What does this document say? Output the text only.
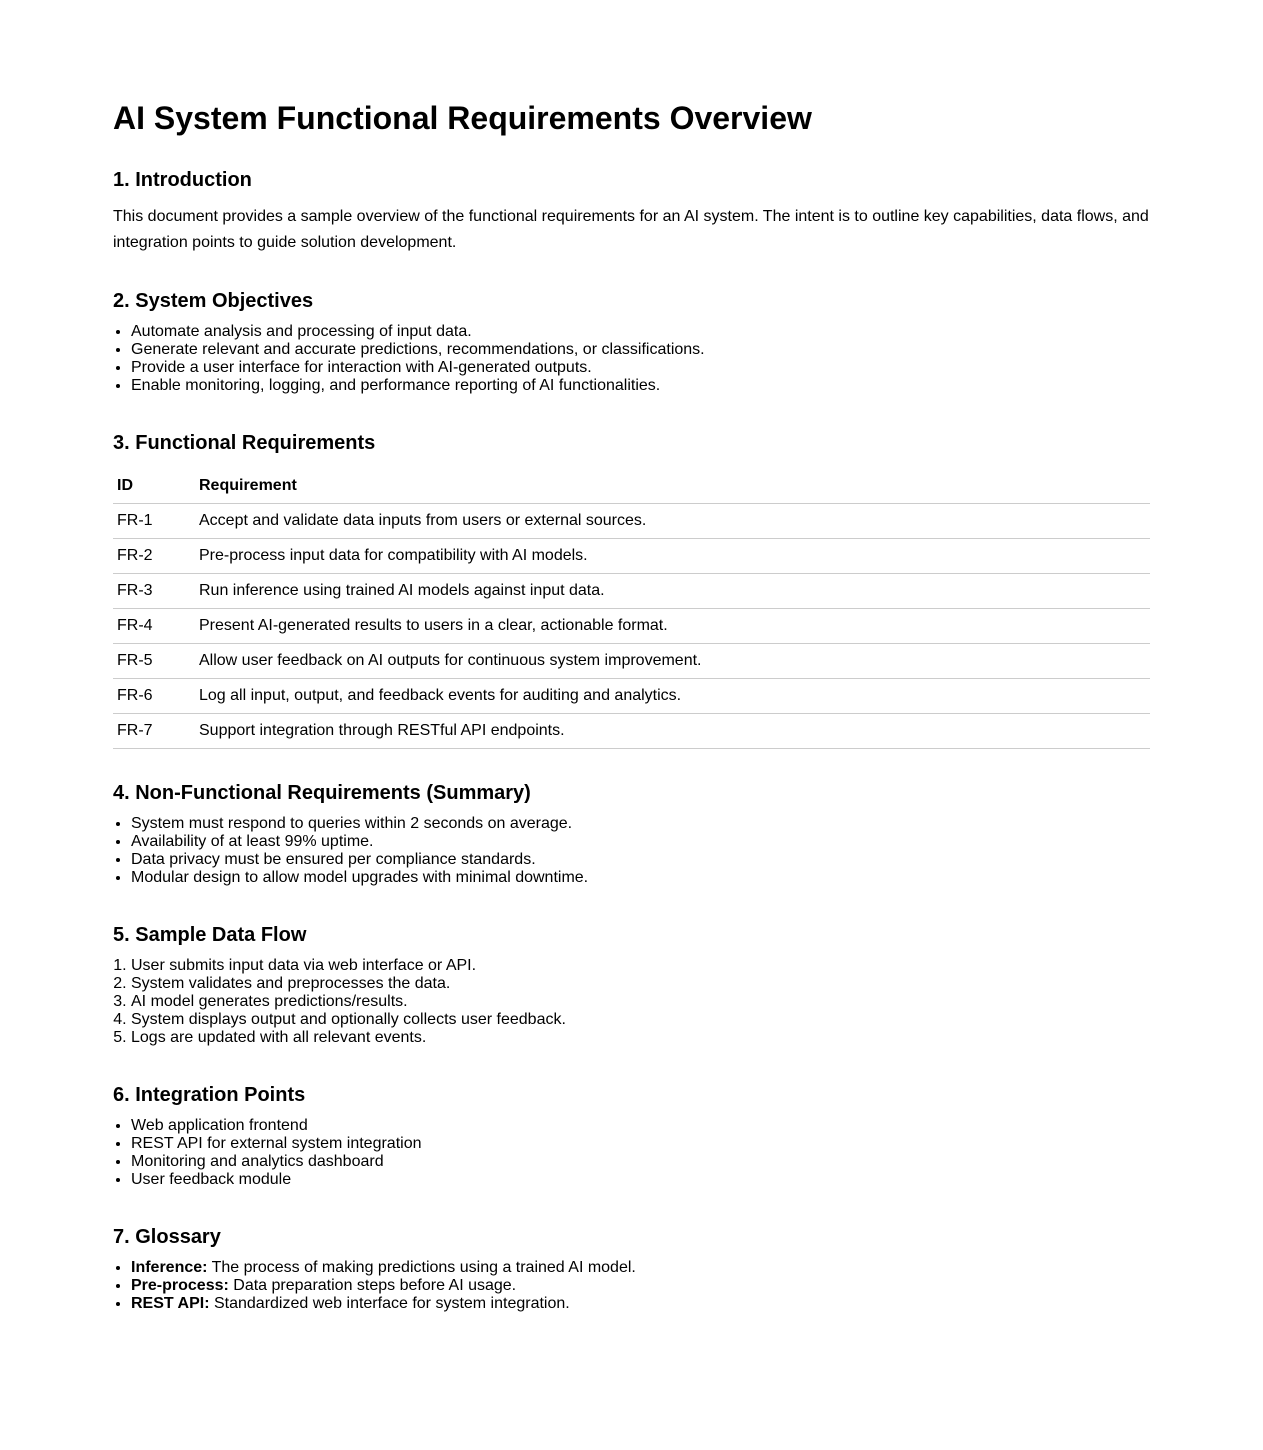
AI System Functional Requirements Overview
1. Introduction

This document provides a sample overview of the functional requirements for an AI system. The intent is to outline key capabilities, data flows, and integration points to guide solution development.

2. System Objectives
• Automate analysis and processing of input data.
• Generate relevant and accurate predictions, recommendations, or classifications.
• Provide a user interface for interaction with AI-generated outputs.
• Enable monitoring, logging, and performance reporting of AI functionalities.
3. Functional Requirements
ID	Requirement
FR-1	Accept and validate data inputs from users or external sources.
FR-2	Pre-process input data for compatibility with AI models.
FR-3	Run inference using trained AI models against input data.
FR-4	Present AI-generated results to users in a clear, actionable format.
FR-5	Allow user feedback on AI outputs for continuous system improvement.
FR-6	Log all input, output, and feedback events for auditing and analytics.
FR-7	Support integration through RESTful API endpoints.
4. Non-Functional Requirements (Summary)
• System must respond to queries within 2 seconds on average.
• Availability of at least 99% uptime.
• Data privacy must be ensured per compliance standards.
• Modular design to allow model upgrades with minimal downtime.
5. Sample Data Flow
1. User submits input data via web interface or API.
2. System validates and preprocesses the data.
3. AI model generates predictions/results.
4. System displays output and optionally collects user feedback.
5. Logs are updated with all relevant events.
6. Integration Points
• Web application frontend
• REST API for external system integration
• Monitoring and analytics dashboard
• User feedback module
7. Glossary
• Inference: The process of making predictions using a trained AI model.
• Pre-process: Data preparation steps before AI usage.
• REST API: Standardized web interface for system integration.
